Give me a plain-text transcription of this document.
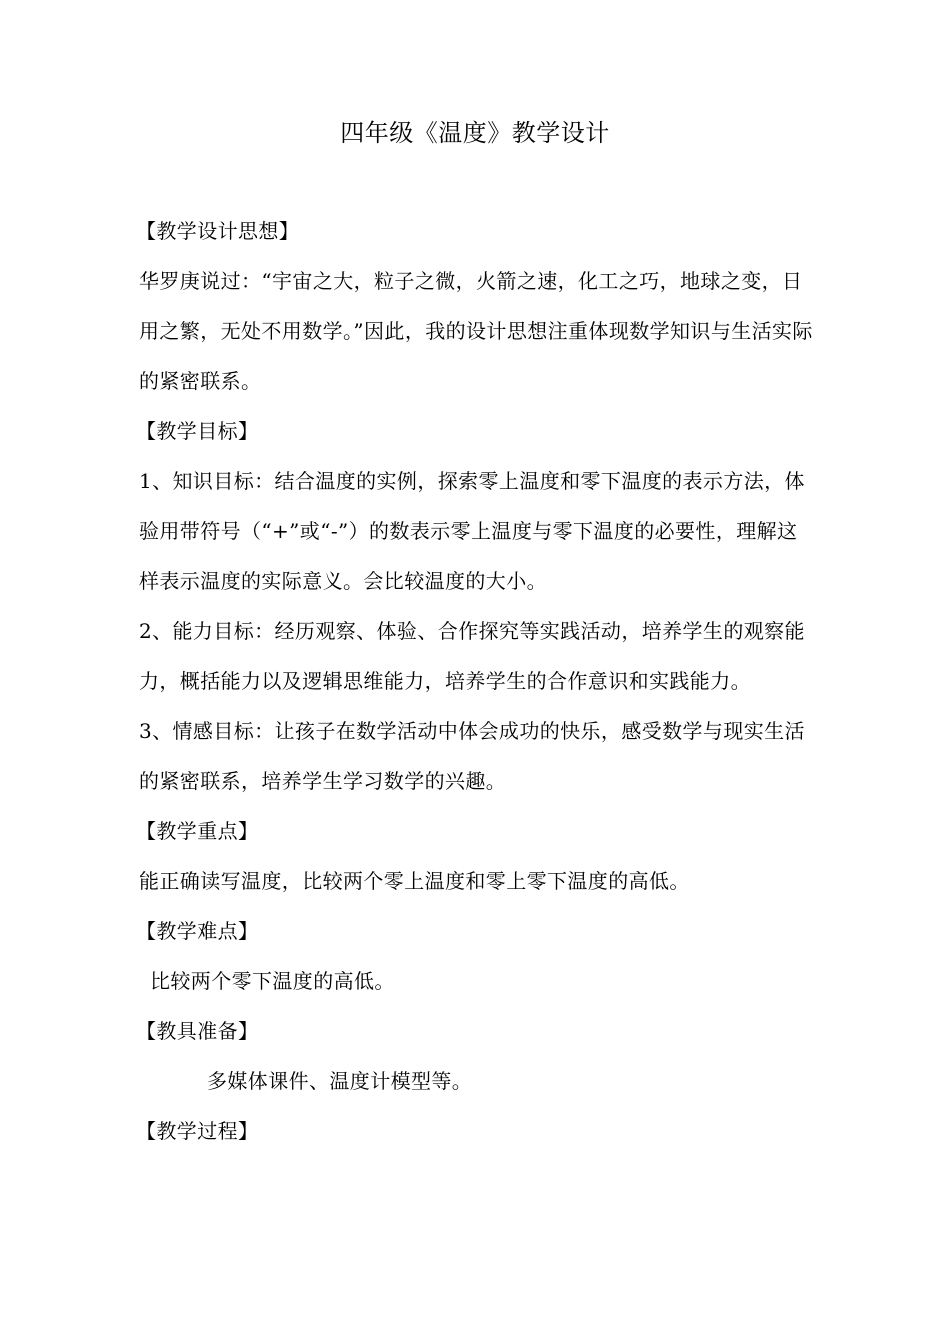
四年级《温度》教学设计

【教学设计思想】

华罗庚说过：“宇宙之大，粒子之微，火箭之速，化工之巧，地球之变，日用之繁，无处不用数学。”因此，我的设计思想注重体现数学知识与生活实际的紧密联系。

【教学目标】

1、知识目标：结合温度的实例，探索零上温度和零下温度的表示方法，体验用带符号（“+”或“-”）的数表示零上温度与零下温度的必要性，理解这样表示温度的实际意义。会比较温度的大小。

2、能力目标：经历观察、体验、合作探究等实践活动，培养学生的观察能力，概括能力以及逻辑思维能力，培养学生的合作意识和实践能力。

3、情感目标：让孩子在数学活动中体会成功的快乐，感受数学与现实生活的紧密联系，培养学生学习数学的兴趣。

【教学重点】

能正确读写温度，比较两个零上温度和零上零下温度的高低。

【教学难点】

比较两个零下温度的高低。

【教具准备】

多媒体课件、温度计模型等。

【教学过程】
